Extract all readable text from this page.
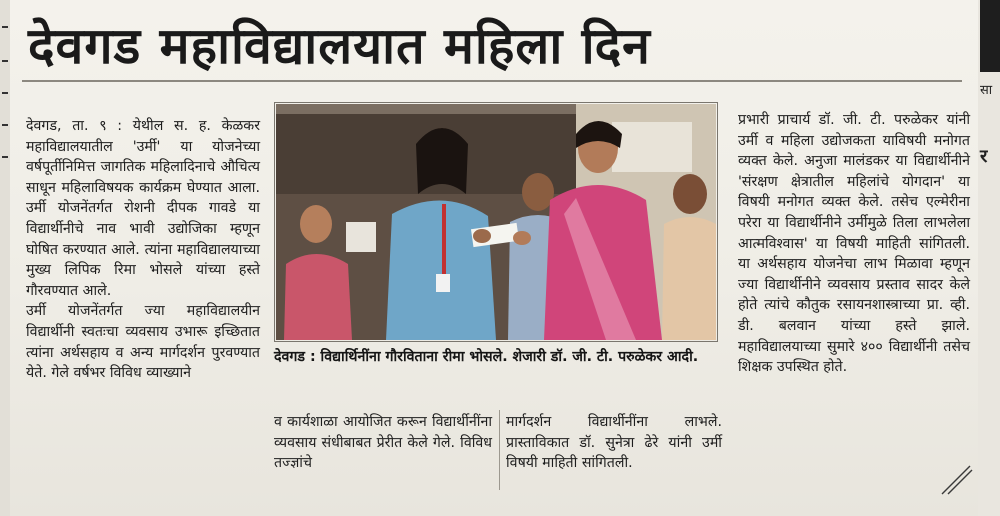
देवगड महाविद्यालयात महिला दिन

देवगड, ता. ९ : येथील स. ह. केळकर महाविद्यालयातील 'उर्मी' या योजनेच्या वर्षपूर्तीनिमित्त जागतिक महिलादिनाचे औचित्य साधून महिलाविषयक कार्यक्रम घेण्यात आला. उर्मी योजनेंतर्गत रोशनी दीपक गावडे या विद्यार्थीनीचे नाव भावी उद्योजिका म्हणून घोषित करण्यात आले. त्यांना महाविद्यालयाच्या मुख्य लिपिक रिमा भोसले यांच्या हस्ते गौरवण्यात आले.
उर्मी योजनेंतर्गत ज्या महाविद्यालयीन विद्यार्थीनी स्वतःचा व्यवसाय उभारू इच्छितात त्यांना अर्थसहाय व अन्य मार्गदर्शन पुरवण्यात येते. गेले वर्षभर विविध व्याख्याने

देवगड : विद्यार्थिनींना गौरविताना रीमा भोसले. शेजारी डॉ. जी. टी. परुळेकर आदी.

व कार्यशाळा आयोजित करून विद्यार्थीनींना व्यवसाय संधीबाबत प्रेरीत केले गेले. विविध तज्ज्ञांचे

मार्गदर्शन विद्यार्थीनींना लाभले. प्रास्ताविकात डॉ. सुनेत्रा ढेरे यांनी उर्मी विषयी माहिती सांगितली.

प्रभारी प्राचार्य डॉ. जी. टी. परुळेकर यांनी उर्मी व महिला उद्योजकता याविषयी मनोगत व्यक्त केले. अनुजा मालंडकर या विद्यार्थीनीने 'संरक्षण क्षेत्रातील महिलांचे योगदान' या विषयी मनोगत व्यक्त केले. तसेच एल्मेरीना परेरा या विद्यार्थीनीने उर्मीमुळे तिला लाभलेला आत्मविश्वास' या विषयी माहिती सांगितली. या अर्थसहाय योजनेचा लाभ मिळावा म्हणून ज्या विद्यार्थीनीने व्यवसाय प्रस्ताव सादर केले होते त्यांचे कौतुक रसायनशास्त्राच्या प्रा. व्ही. डी. बलवान यांच्या हस्ते झाले. महाविद्यालयाच्या सुमारे ४०० विद्यार्थीनी तसेच शिक्षक उपस्थित होते.

सा
र
